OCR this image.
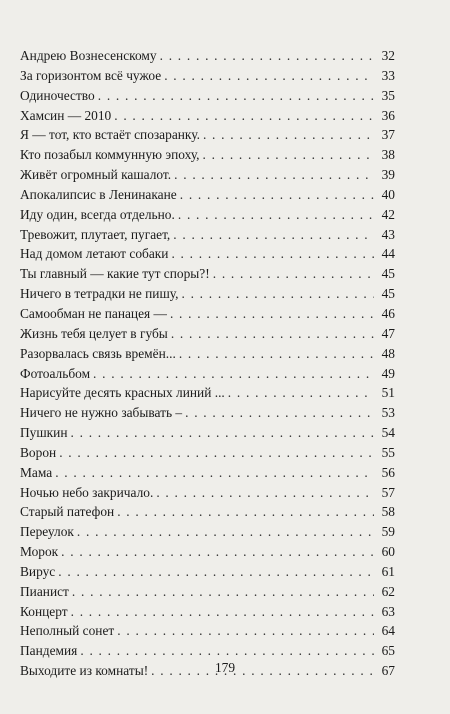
Андрею Вознесенскому . . .	32
За горизонтом всё чужое . . .	33
Одиночество . . .	35
Хамсин — 2010 . . .	36
Я — тот, кто встаёт спозаранку. . . .	37
Кто позабыл коммунную эпоху, . . .	38
Живёт огромный кашалот. . . .	39
Апокалипсис в Ленинакане . . .	40
Иду один, всегда отдельно. . . .	42
Тревожит, плутает, пугает, . . .	43
Над домом летают собаки . . .	44
Ты главный — какие тут споры?! . . .	45
Ничего в тетрадки не пишу, . . .	45
Самообман не панацея — . . .	46
Жизнь тебя целует в губы . . .	47
Разорвалась связь времён... . . .	48
Фотоальбом . . .	49
Нарисуйте десять красных линий ... . . .	51
Ничего не нужно забывать – . . .	53
Пушкин . . .	54
Ворон . . .	55
Мама . . .	56
Ночью небо закричало. . . .	57
Старый патефон . . .	58
Переулок . . .	59
Морок . . .	60
Вирус . . .	61
Пианист . . .	62
Концерт . . .	63
Неполный сонет . . .	64
Пандемия . . .	65
Выходите из комнаты! . . .	67
179
